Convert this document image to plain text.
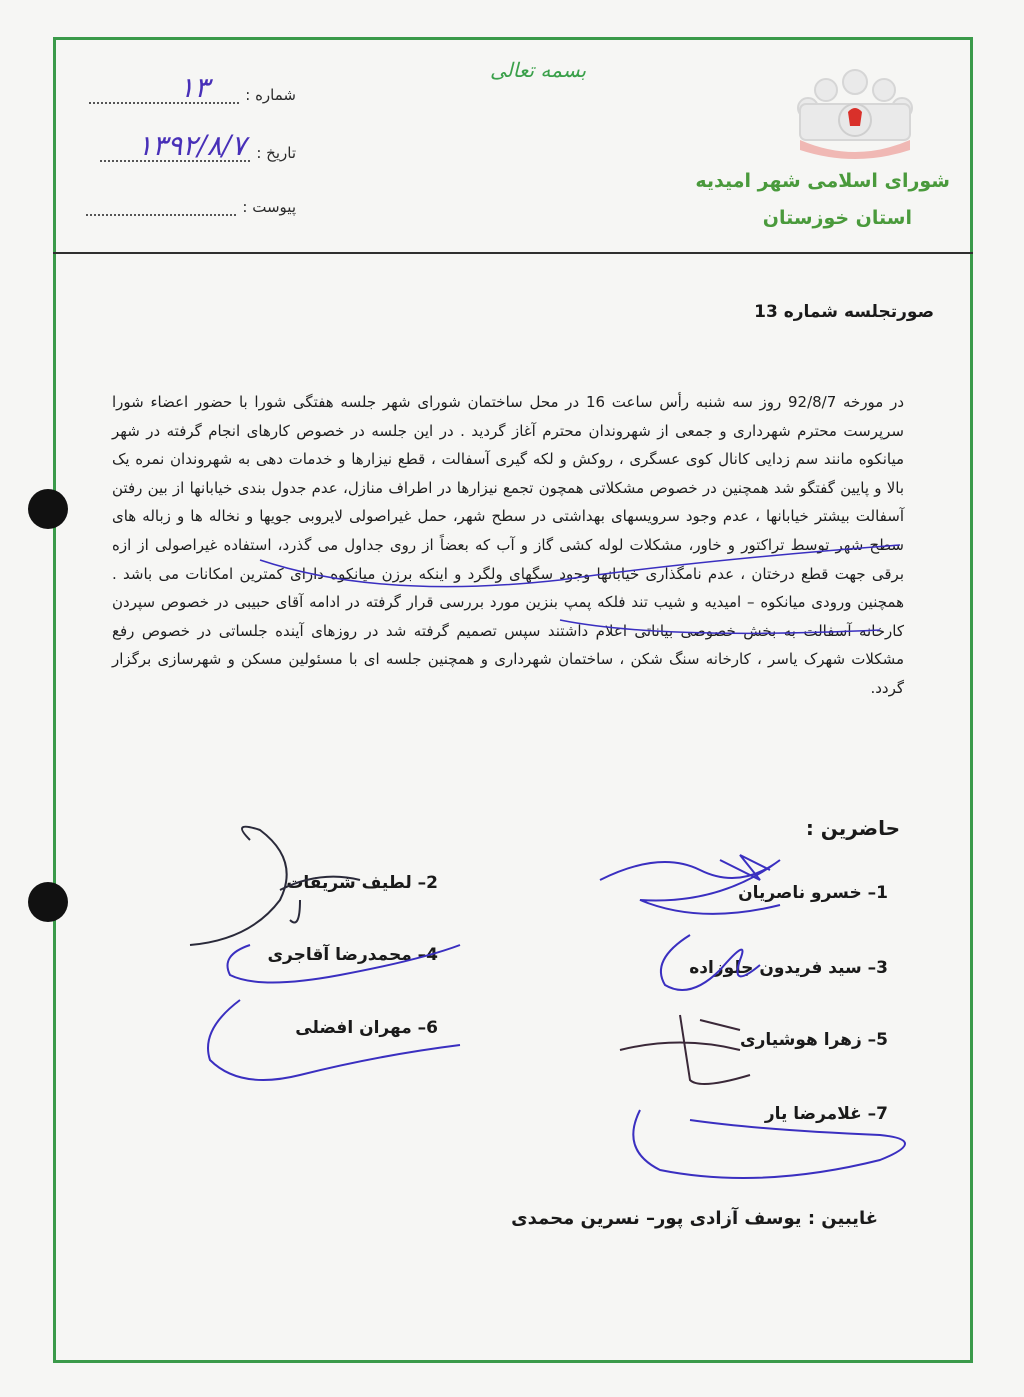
بسمه تعالی
شماره :
۱۳
تاریخ :
۱۳۹۲/۸/۷
پیوست :
شورای اسلامی شهر امیدیه
استان خوزستان
صورتجلسه شماره 13

در مورخه 92/8/7 روز سه شنبه رأس ساعت 16 در محل ساختمان شورای شهر جلسه هفتگی شورا با حضور اعضاء شورا سرپرست محترم شهرداری و جمعی از شهروندان محترم آغاز گردید . در این جلسه در خصوص کارهای انجام گرفته در شهر میانکوه مانند سم زدایی کانال کوی عسگری ، روکش و لکه گیری آسفالت ، قطع نیزارها و خدمات دهی به شهروندان نمره یک بالا و پایین گفتگو شد همچنین در خصوص مشکلاتی همچون تجمع نیزارها در اطراف منازل، عدم جدول بندی خیابانها از بین رفتن آسفالت بیشتر خیابانها ، عدم وجود سرویسهای بهداشتی در سطح شهر، حمل غیراصولی لایروبی جویها و نخاله ها و زباله های سطح شهر توسط تراکتور و خاور، مشکلات لوله کشی گاز و آب که بعضاً از روی جداول می گذرد، استفاده غیراصولی از ازه برقی جهت قطع درختان ، عدم نامگذاری خیابانها وجود سگهای ولگرد و اینکه برزن میانکوه دارای کمترین امکانات می باشد . همچنین ورودی میانکوه – امیدیه و شیب تند فلکه پمپ بنزین مورد بررسی قرار گرفته در ادامه آقای حبیبی در خصوص سپردن کارخانه آسفالت به بخش خصوصی بیاناتی اعلام داشتند سپس تصمیم گرفته شد در روزهای آینده جلساتی در خصوص رفع مشکلات شهرک یاسر ، کارخانه سنگ شکن ، ساختمان شهرداری و همچنین جلسه ای با مسئولین مسکن و شهرسازی برگزار گردد.

حاضرین :
1– خسرو ناصریان
3– سید فریدون جلوزاده
5– زهرا هوشیاری
7– غلامرضا یار
2– لطیف شریفات
4– محمدرضا آقاجری
6– مهران افضلی
غایبین : یوسف آزادی پور– نسرین محمدی
